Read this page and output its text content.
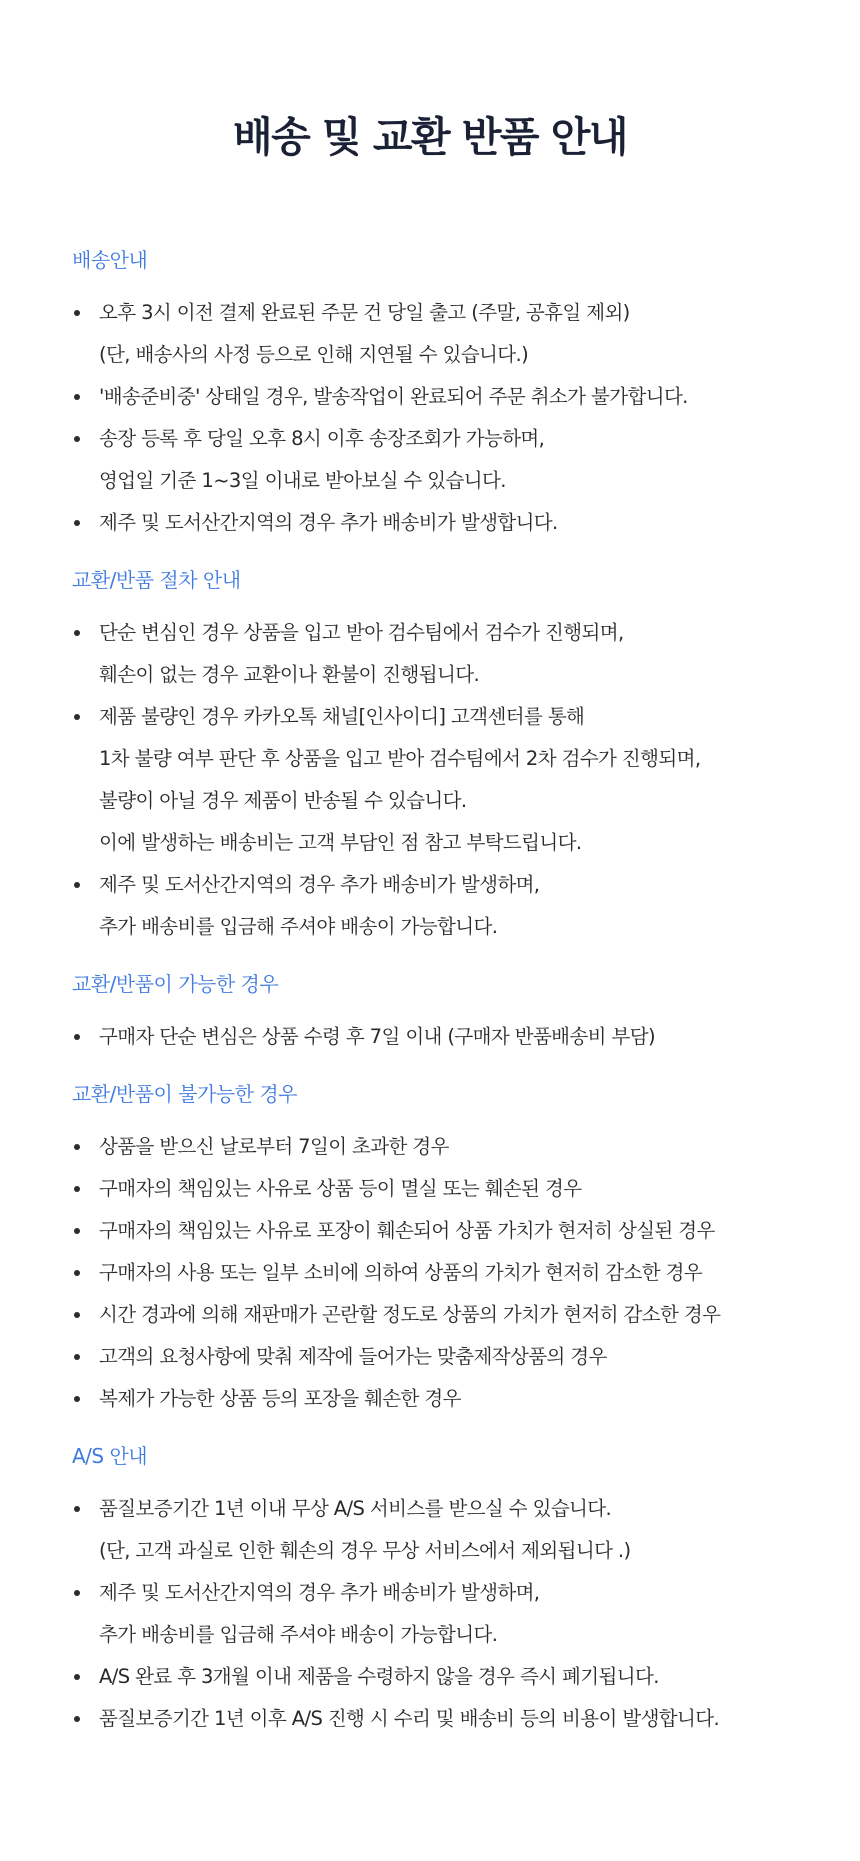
배송 및 교환 반품 안내
배송안내
오후 3시 이전 결제 완료된 주문 건 당일 출고 (주말, 공휴일 제외)
(단, 배송사의 사정 등으로 인해 지연될 수 있습니다.)
'배송준비중' 상태일 경우, 발송작업이 완료되어 주문 취소가 불가합니다.
송장 등록 후 당일 오후 8시 이후 송장조회가 가능하며,
영업일 기준 1~3일 이내로 받아보실 수 있습니다.
제주 및 도서산간지역의 경우 추가 배송비가 발생합니다.
교환/반품 절차 안내
단순 변심인 경우 상품을 입고 받아 검수팀에서 검수가 진행되며,
훼손이 없는 경우 교환이나 환불이 진행됩니다.
제품 불량인 경우 카카오톡 채널[인사이디] 고객센터를 통해
1차 불량 여부 판단 후 상품을 입고 받아 검수팀에서 2차 검수가 진행되며,
불량이 아닐 경우 제품이 반송될 수 있습니다.
이에 발생하는 배송비는 고객 부담인 점 참고 부탁드립니다.
제주 및 도서산간지역의 경우 추가 배송비가 발생하며,
추가 배송비를 입금해 주셔야 배송이 가능합니다.
교환/반품이 가능한 경우
구매자 단순 변심은 상품 수령 후 7일 이내 (구매자 반품배송비 부담)
교환/반품이 불가능한 경우
상품을 받으신 날로부터 7일이 초과한 경우
구매자의 책임있는 사유로 상품 등이 멸실 또는 훼손된 경우
구매자의 책임있는 사유로 포장이 훼손되어 상품 가치가 현저히 상실된 경우
구매자의 사용 또는 일부 소비에 의하여 상품의 가치가 현저히 감소한 경우
시간 경과에 의해 재판매가 곤란할 정도로 상품의 가치가 현저히 감소한 경우
고객의 요청사항에 맞춰 제작에 들어가는 맞춤제작상품의 경우
복제가 가능한 상품 등의 포장을 훼손한 경우
A/S 안내
품질보증기간 1년 이내 무상 A/S 서비스를 받으실 수 있습니다.
(단, 고객 과실로 인한 훼손의 경우 무상 서비스에서 제외됩니다 .)
제주 및 도서산간지역의 경우 추가 배송비가 발생하며,
추가 배송비를 입금해 주셔야 배송이 가능합니다.
A/S 완료 후 3개월 이내 제품을 수령하지 않을 경우 즉시 폐기됩니다.
품질보증기간 1년 이후 A/S 진행 시 수리 및 배송비 등의 비용이 발생합니다.
